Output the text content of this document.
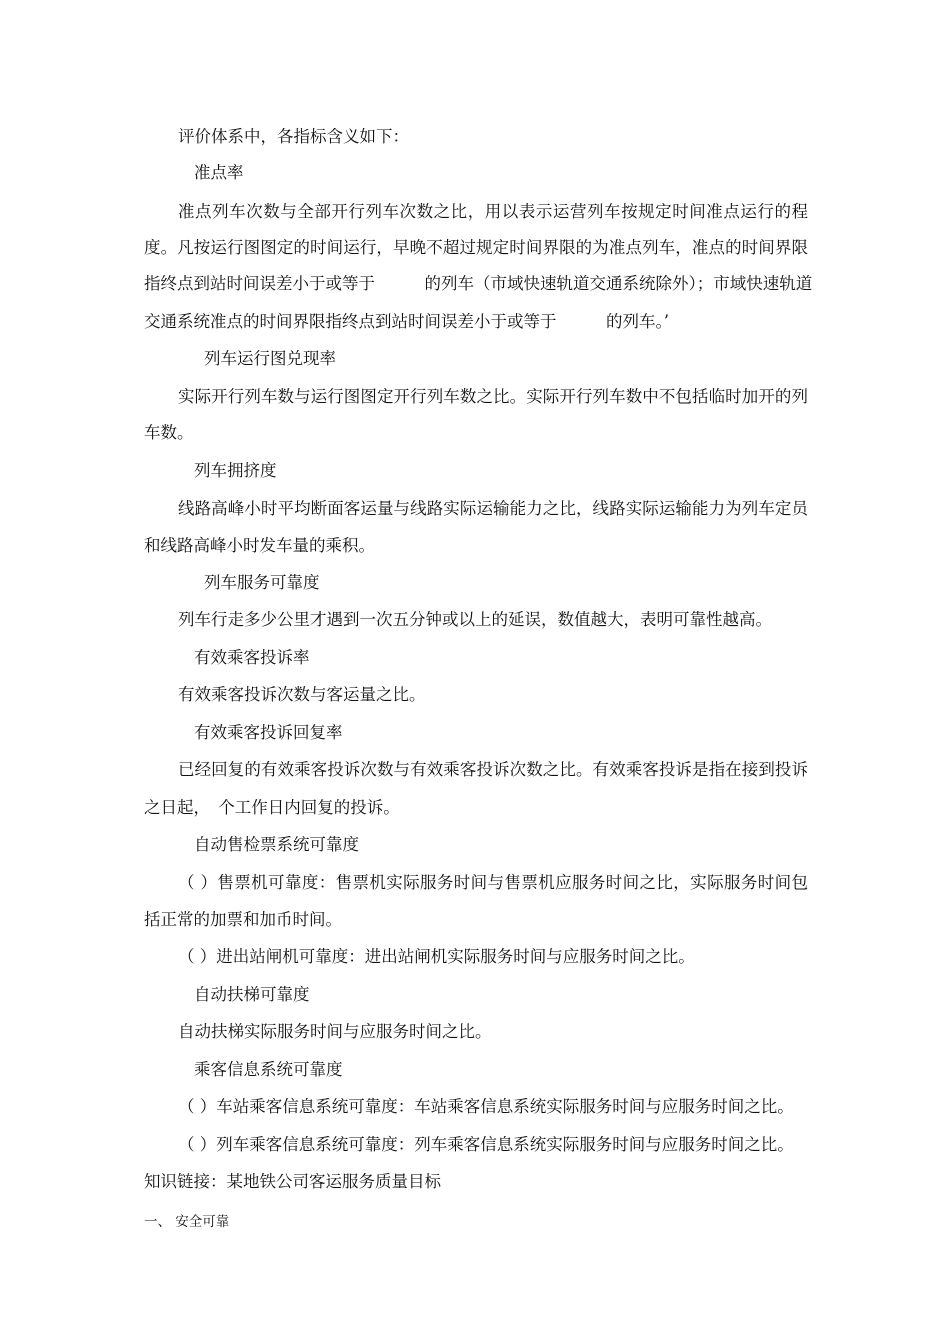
评价体系中，各指标含义如下：

准点率

准点列车次数与全部开行列车次数之比，用以表示运营列车按规定时间准点运行的程

度。凡按运行图图定的时间运行，早晚不超过规定时间界限的为准点列车，准点的时间界限

指终点到站时间误差小于或等于　　　的列车（市域快速轨道交通系统除外）；市域快速轨道

交通系统准点的时间界限指终点到站时间误差小于或等于　　　的列车。’

列车运行图兑现率

实际开行列车数与运行图图定开行列车数之比。实际开行列车数中不包括临时加开的列

车数。

列车拥挤度

线路高峰小时平均断面客运量与线路实际运输能力之比，线路实际运输能力为列车定员

和线路高峰小时发车量的乘积。

列车服务可靠度

列车行走多少公里才遇到一次五分钟或以上的延误，数值越大，表明可靠性越高。

有效乘客投诉率

有效乘客投诉次数与客运量之比。

有效乘客投诉回复率

已经回复的有效乘客投诉次数与有效乘客投诉次数之比。有效乘客投诉是指在接到投诉

之日起，　个工作日内回复的投诉。

自动售检票系统可靠度

（ ）售票机可靠度：售票机实际服务时间与售票机应服务时间之比，实际服务时间包

括正常的加票和加币时间。

（ ）进出站闸机可靠度：进出站闸机实际服务时间与应服务时间之比。

自动扶梯可靠度

自动扶梯实际服务时间与应服务时间之比。

乘客信息系统可靠度

（ ）车站乘客信息系统可靠度：车站乘客信息系统实际服务时间与应服务时间之比。

（ ）列车乘客信息系统可靠度：列车乘客信息系统实际服务时间与应服务时间之比。

知识链接：某地铁公司客运服务质量目标

一、 安全可靠
